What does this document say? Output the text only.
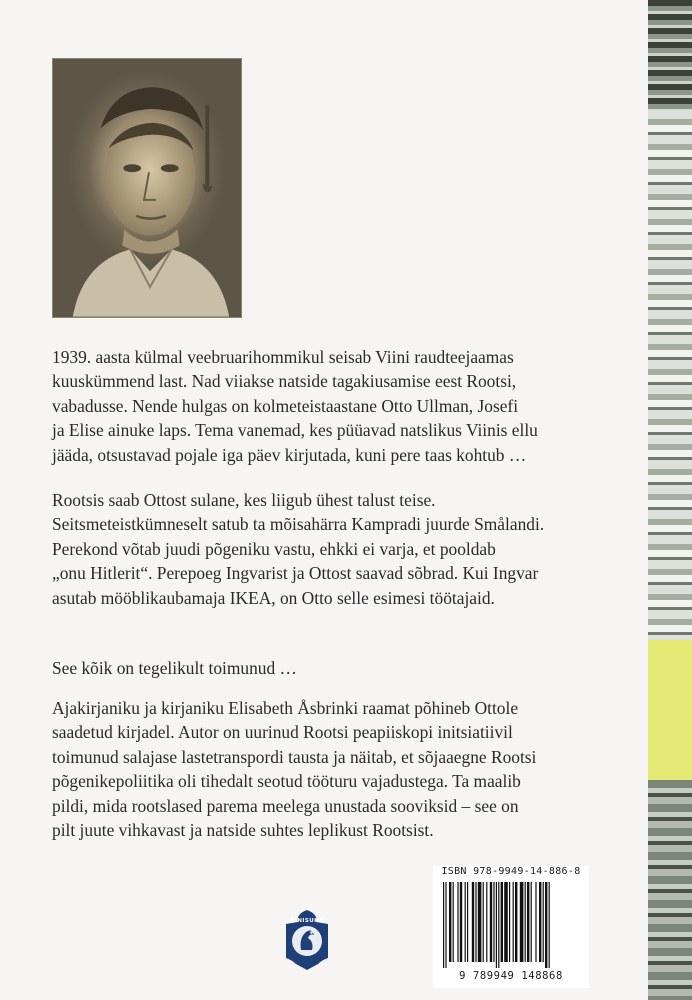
1939. aasta külmal veebruarihommikul seisab Viini raudteejaamas

kuuskümmend last. Nad viiakse natside tagakiusamise eest Rootsi,

vabadusse. Nende hulgas on kolmeteistaastane Otto Ullman, Josefi

ja Elise ainuke laps. Tema vanemad, kes püüavad natslikus Viinis ellu

jääda, otsustavad pojale iga päev kirjutada, kuni pere taas kohtub …

Rootsis saab Ottost sulane, kes liigub ühest talust teise.

Seitsmeteistkümneselt satub ta mõisahärra Kampradi juurde Smålandi.

Perekond võtab juudi põgeniku vastu, ehkki ei varja, et pooldab

„onu Hitlerit“. Perepoeg Ingvarist ja Ottost saavad sõbrad. Kui Ingvar

asutab mööblikaubamaja IKEA, on Otto selle esimesi töötajaid.

See kõik on tegelikult toimunud …

Ajakirjaniku ja kirjaniku Elisabeth Åsbrinki raamat põhineb Ottole

saadetud kirjadel. Autor on uurinud Rootsi peapiiskopi initsiatiivil

toimunud salajase lastetranspordi tausta ja näitab, et sõjaaegne Rootsi

põgenikepoliitika oli tihedalt seotud tööturu vajadustega. Ta maalib

pildi, mida rootslased parema meelega unustada sooviksid – see on

pilt juute vihkavast ja natside suhtes leplikust Rootsist.

SINISUKK
ISBN 978-9949-14-886-8
9 789949 148868
